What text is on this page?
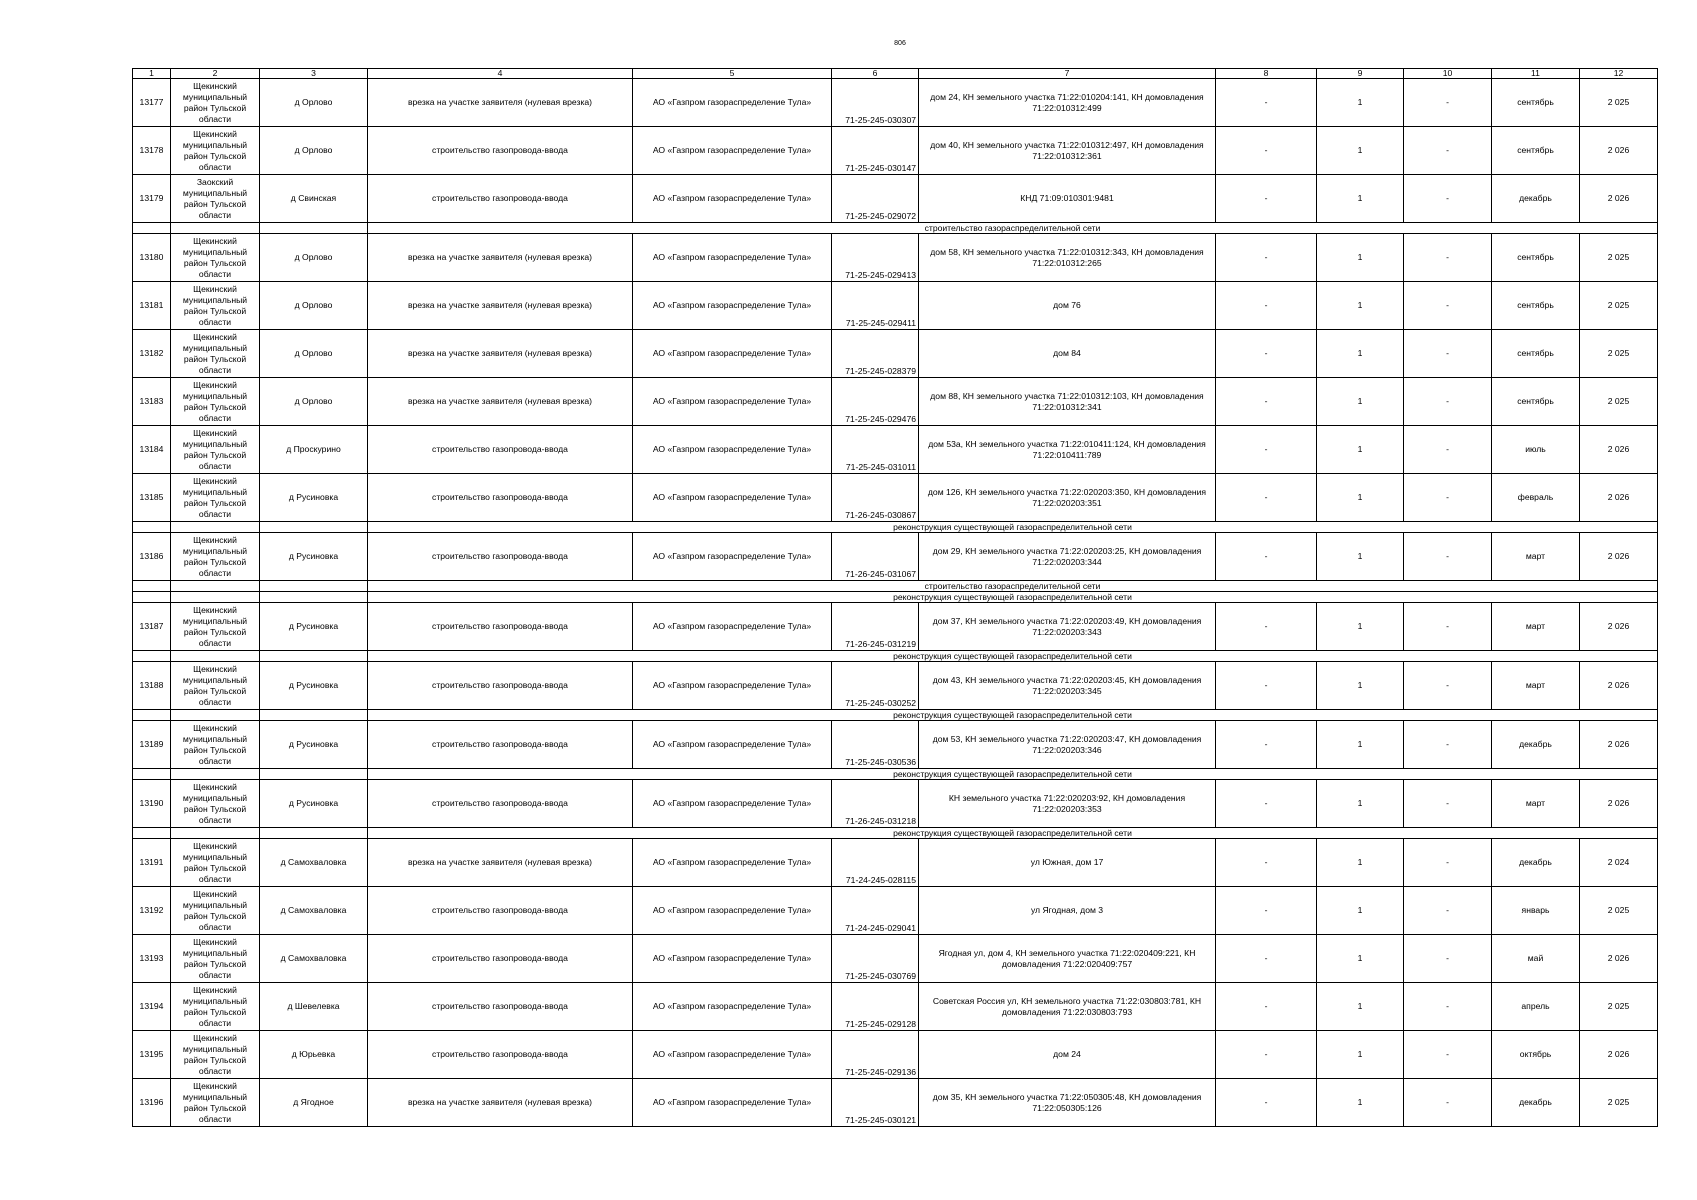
806
1	2	3	4	5	6	7	8	9	10	11	12
13177	Щекинский муниципальный район Тульской области	д Орлово	врезка на участке заявителя (нулевая врезка)	АО «Газпром газораспределение Тула»	71-25-245-030307	дом 24, КН земельного участка 71:22:010204:141, КН домовладения 71:22:010312:499	-	1	-	сентябрь	2 025
13178	Щекинский муниципальный район Тульской области	д Орлово	строительство газопровода-ввода	АО «Газпром газораспределение Тула»	71-25-245-030147	дом 40, КН земельного участка 71:22:010312:497, КН домовладения 71:22:010312:361	-	1	-	сентябрь	2 026
13179	Заокский муниципальный район Тульской области	д Свинская	строительство газопровода-ввода	АО «Газпром газораспределение Тула»	71-25-245-029072	КНД 71:09:010301:9481	-	1	-	декабрь	2 026
			строительство газораспределительной сети								
13180	Щекинский муниципальный район Тульской области	д Орлово	врезка на участке заявителя (нулевая врезка)	АО «Газпром газораспределение Тула»	71-25-245-029413	дом 58, КН земельного участка 71:22:010312:343, КН домовладения 71:22:010312:265	-	1	-	сентябрь	2 025
13181	Щекинский муниципальный район Тульской области	д Орлово	врезка на участке заявителя (нулевая врезка)	АО «Газпром газораспределение Тула»	71-25-245-029411	дом 76	-	1	-	сентябрь	2 025
13182	Щекинский муниципальный район Тульской области	д Орлово	врезка на участке заявителя (нулевая врезка)	АО «Газпром газораспределение Тула»	71-25-245-028379	дом 84	-	1	-	сентябрь	2 025
13183	Щекинский муниципальный район Тульской области	д Орлово	врезка на участке заявителя (нулевая врезка)	АО «Газпром газораспределение Тула»	71-25-245-029476	дом 88, КН земельного участка 71:22:010312:103, КН домовладения 71:22:010312:341	-	1	-	сентябрь	2 025
13184	Щекинский муниципальный район Тульской области	д Проскурино	строительство газопровода-ввода	АО «Газпром газораспределение Тула»	71-25-245-031011	дом 53а, КН земельного участка 71:22:010411:124, КН домовладения 71:22:010411:789	-	1	-	июль	2 026
13185	Щекинский муниципальный район Тульской области	д Русиновка	строительство газопровода-ввода	АО «Газпром газораспределение Тула»	71-26-245-030867	дом 126, КН земельного участка 71:22:020203:350, КН домовладения 71:22:020203:351	-	1	-	февраль	2 026
			реконструкция существующей газораспределительной сети								
13186	Щекинский муниципальный район Тульской области	д Русиновка	строительство газопровода-ввода	АО «Газпром газораспределение Тула»	71-26-245-031067	дом 29, КН земельного участка 71:22:020203:25, КН домовладения 71:22:020203:344	-	1	-	март	2 026
			строительство газораспределительной сети								
			реконструкция существующей газораспределительной сети								
13187	Щекинский муниципальный район Тульской области	д Русиновка	строительство газопровода-ввода	АО «Газпром газораспределение Тула»	71-26-245-031219	дом 37, КН земельного участка 71:22:020203:49, КН домовладения 71:22:020203:343	-	1	-	март	2 026
			реконструкция существующей газораспределительной сети								
13188	Щекинский муниципальный район Тульской области	д Русиновка	строительство газопровода-ввода	АО «Газпром газораспределение Тула»	71-25-245-030252	дом 43, КН земельного участка 71:22:020203:45, КН домовладения 71:22:020203:345	-	1	-	март	2 026
			реконструкция существующей газораспределительной сети								
13189	Щекинский муниципальный район Тульской области	д Русиновка	строительство газопровода-ввода	АО «Газпром газораспределение Тула»	71-25-245-030536	дом 53, КН земельного участка 71:22:020203:47, КН домовладения 71:22:020203:346	-	1	-	декабрь	2 026
			реконструкция существующей газораспределительной сети								
13190	Щекинский муниципальный район Тульской области	д Русиновка	строительство газопровода-ввода	АО «Газпром газораспределение Тула»	71-26-245-031218	КН земельного участка 71:22:020203:92, КН домовладения 71:22:020203:353	-	1	-	март	2 026
			реконструкция существующей газораспределительной сети								
13191	Щекинский муниципальный район Тульской области	д Самохваловка	врезка на участке заявителя (нулевая врезка)	АО «Газпром газораспределение Тула»	71-24-245-028115	ул Южная, дом 17	-	1	-	декабрь	2 024
13192	Щекинский муниципальный район Тульской области	д Самохваловка	строительство газопровода-ввода	АО «Газпром газораспределение Тула»	71-24-245-029041	ул Ягодная, дом 3	-	1	-	январь	2 025
13193	Щекинский муниципальный район Тульской области	д Самохваловка	строительство газопровода-ввода	АО «Газпром газораспределение Тула»	71-25-245-030769	Ягодная ул, дом 4, КН земельного участка 71:22:020409:221, КН домовладения 71:22:020409:757	-	1	-	май	2 026
13194	Щекинский муниципальный район Тульской области	д Шевелевка	строительство газопровода-ввода	АО «Газпром газораспределение Тула»	71-25-245-029128	Советская Россия ул, КН земельного участка 71:22:030803:781, КН домовладения 71:22:030803:793	-	1	-	апрель	2 025
13195	Щекинский муниципальный район Тульской области	д Юрьевка	строительство газопровода-ввода	АО «Газпром газораспределение Тула»	71-25-245-029136	дом 24	-	1	-	октябрь	2 026
13196	Щекинский муниципальный район Тульской области	д Ягодное	врезка на участке заявителя (нулевая врезка)	АО «Газпром газораспределение Тула»	71-25-245-030121	дом 35, КН земельного участка 71:22:050305:48, КН домовладения 71:22:050305:126	-	1	-	декабрь	2 025
